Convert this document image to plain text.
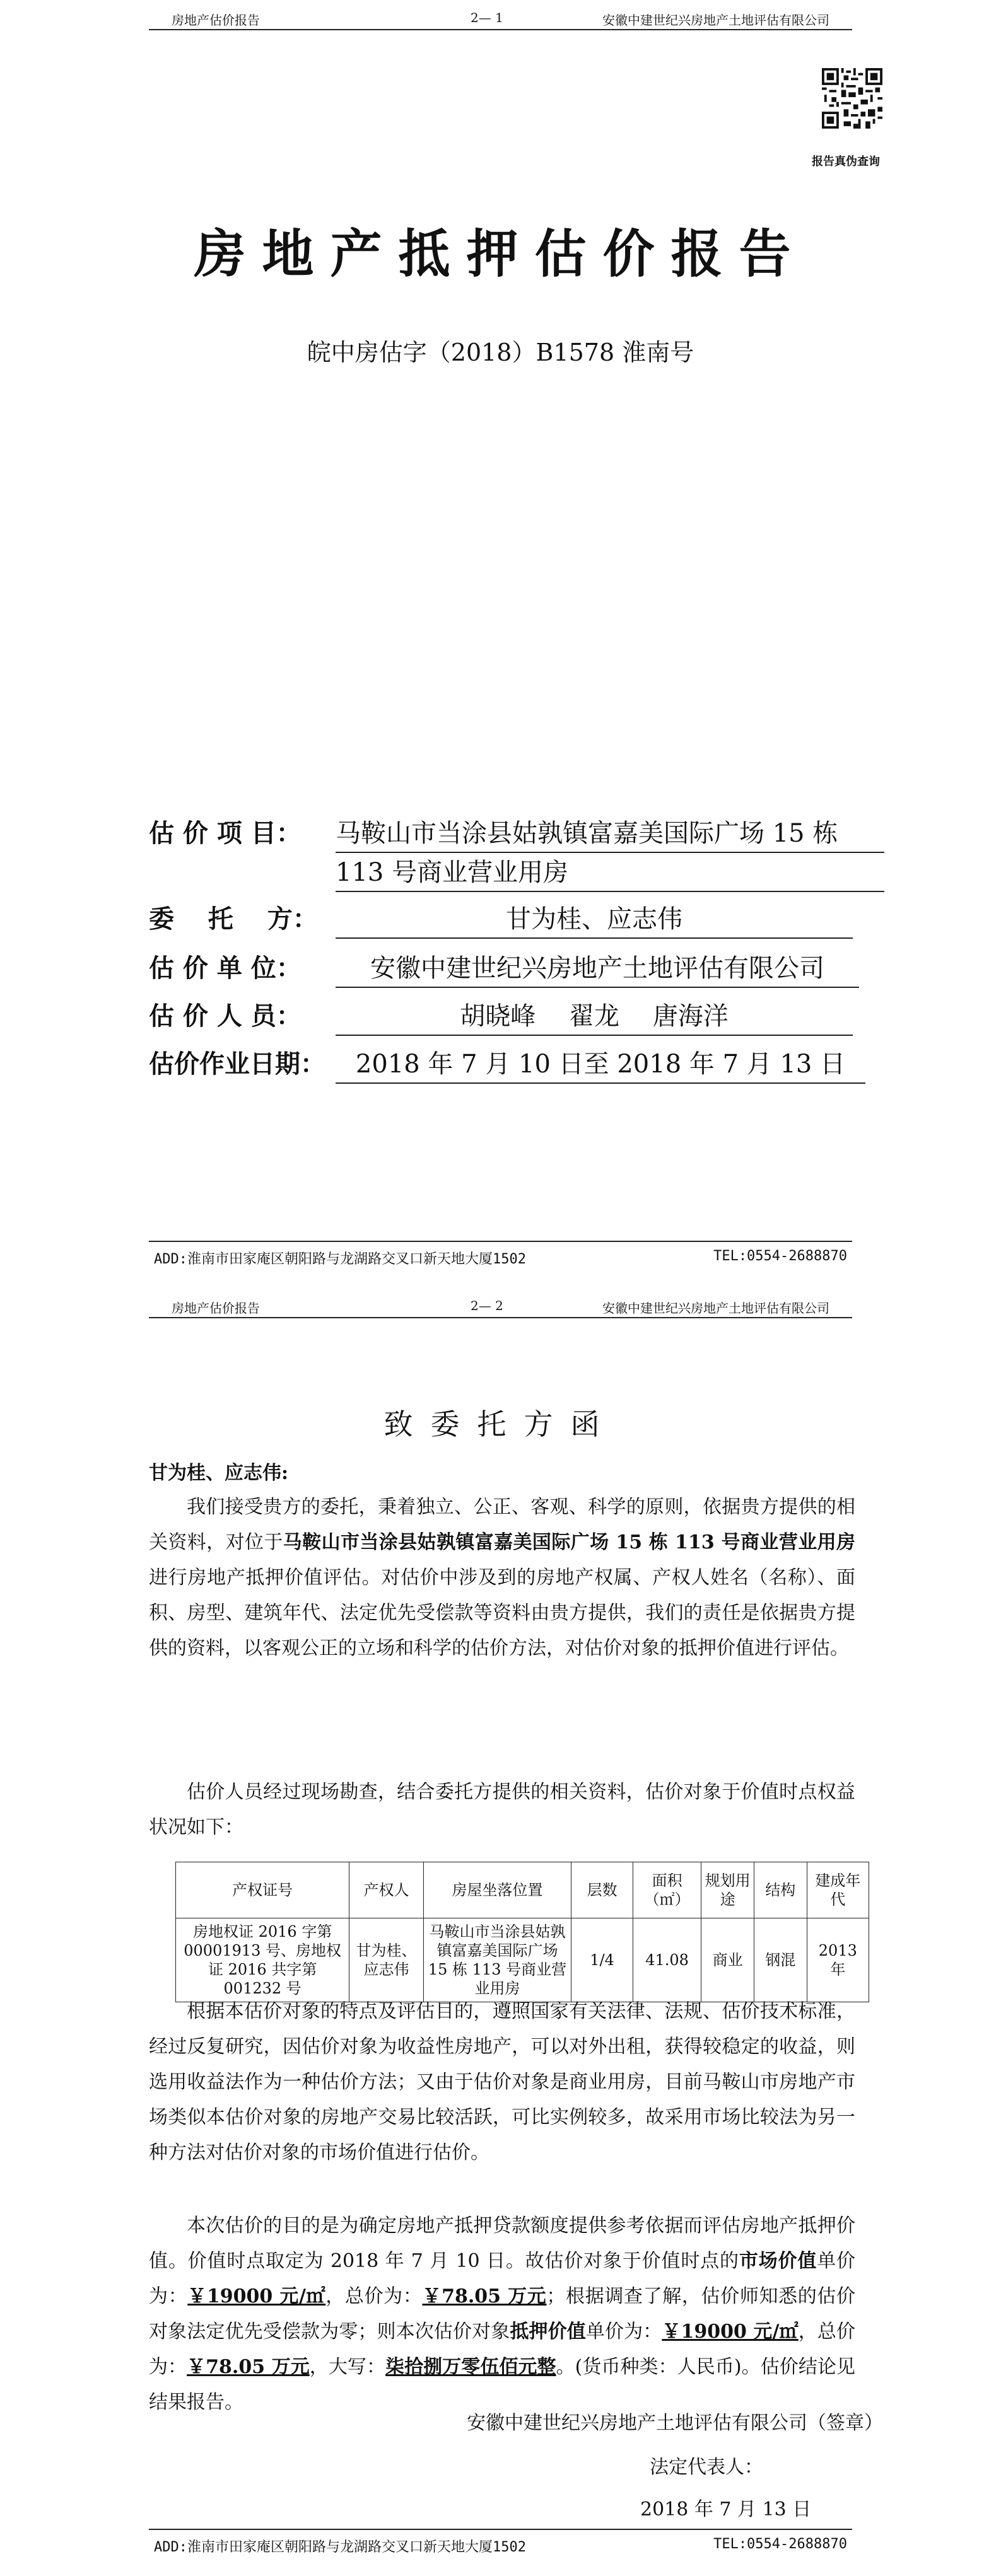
房地产估价报告	2— 1	安徽中建世纪兴房地产土地评估有限公司
报告真伪查询
房地产抵押估价报告
皖中房估字（2018）B1578 淮南号
估 价 项 目：	马鞍山市当涂县姑孰镇富嘉美国际广场 15 栋
113 号商业营业用房
委　 托　 方：	甘为桂、应志伟
估 价 单 位：	安徽中建世纪兴房地产土地评估有限公司
估 价 人 员：	胡晓峰　 翟龙　 唐海洋
估价作业日期：	2018 年 7 月 10 日至 2018 年 7 月 13 日
ADD:淮南市田家庵区朝阳路与龙湖路交叉口新天地大厦1502	TEL:0554-2688870
房地产估价报告	2— 2	安徽中建世纪兴房地产土地评估有限公司
致委托方函
甘为桂、应志伟:

我们接受贵方的委托，秉着独立、公正、客观、科学的原则，依据贵方提供的相关资料，对位于马鞍山市当涂县姑孰镇富嘉美国际广场 15 栋 113 号商业营业用房进行房地产抵押价值评估。对估价中涉及到的房地产权属、产权人姓名（名称）、面积、房型、建筑年代、法定优先受偿款等资料由贵方提供，我们的责任是依据贵方提供的资料，以客观公正的立场和科学的估价方法，对估价对象的抵押价值进行评估。

估价人员经过现场勘查，结合委托方提供的相关资料，估价对象于价值时点权益状况如下：

产权证号	产权人	房屋坐落位置	层数	面积（㎡）	规划用途	结构	建成年代
房地权证 2016 字第 00001913 号、房地权证 2016 共字第 001232 号	甘为桂、应志伟	马鞍山市当涂县姑孰镇富嘉美国际广场 15 栋 113 号商业营业用房	1/4	41.08	商业	钢混	2013 年

根据本估价对象的特点及评估目的，遵照国家有关法律、法规、估价技术标准，经过反复研究，因估价对象为收益性房地产，可以对外出租，获得较稳定的收益，则选用收益法作为一种估价方法；又由于估价对象是商业用房，目前马鞍山市房地产市场类似本估价对象的房地产交易比较活跃，可比实例较多，故采用市场比较法为另一种方法对估价对象的市场价值进行估价。

本次估价的目的是为确定房地产抵押贷款额度提供参考依据而评估房地产抵押价值。价值时点取定为 2018 年 7 月 10 日。故估价对象于价值时点的市场价值单价为：￥19000 元/㎡，总价为：￥78.05 万元；根据调查了解，估价师知悉的估价对象法定优先受偿款为零；则本次估价对象抵押价值单价为：￥19000 元/㎡，总价为：￥78.05 万元，大写：柒拾捌万零伍佰元整。(货币种类：人民币)。估价结论见结果报告。

安徽中建世纪兴房地产土地评估有限公司（签章）
法定代表人：
2018 年 7 月 13 日
ADD:淮南市田家庵区朝阳路与龙湖路交叉口新天地大厦1502	TEL:0554-2688870
